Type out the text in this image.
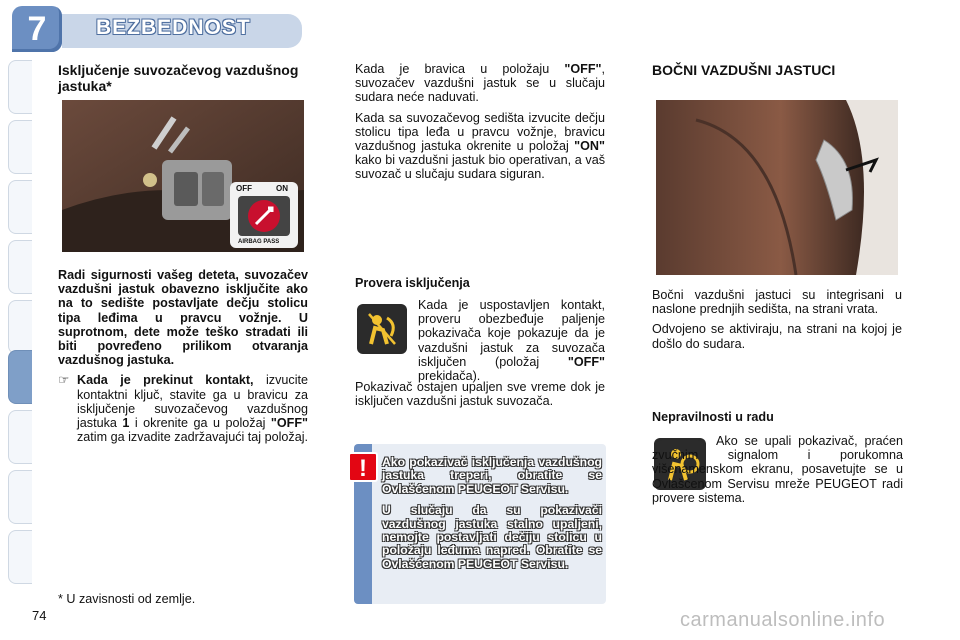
7	BEZBEDNOST
Isključenje suvozačevog vazdušnog jastuka*
OFF	ON
AIRBAG PASS

Radi sigurnosti vašeg deteta, suvozačev vazdušni jastuk obavezno isključite ako na to sedište postavljate dečju stolicu tipa leđima u pravcu vožnje. U suprotnom, dete može teško stradati ili biti povređeno prilikom otvaranja vazdušnog jastuka.

☞ Kada je prekinut kontakt, izvucite kontaktni ključ, stavite ga u bravicu za isključenje suvozačevog vazdušnog jastuka 1 i okrenite ga u položaj "OFF" zatim ga izvadite zadržavajući taj položaj.

Kada je bravica u položaju "OFF", suvozačev vazdušni jastuk se u slučaju sudara neće naduvati.

Kada sa suvozačevog sedišta izvucite dečju stolicu tipa leđa u pravcu vožnje, bravicu vazdušnog jastuka okrenite u položaj "ON" kako bi vazdušni jastuk bio operativan, a vaš suvozač u slučaju sudara siguran.

Provera isključenja

Kada je uspostavljen kontakt, proveru obezbeđuje paljenje pokazivača koje pokazuje da je vazdušni jastuk za suvozača isključen (položaj "OFF" prekidača).

Pokazivač ostajen upaljen sve vreme dok je isključen vazdušni jastuk suvozača.

Ako pokazivač isključenja vazdušnog jastuka treperi, obratite se Ovlašćenom PEUGEOT Servisu.

U slučaju da su pokazivači vazdušnog jastuka stalno upaljeni, nemojte postavljati dečiju stolicu u položaju leđuma napred. Obratite se Ovlašćenom PEUGEOT Servisu.

!
BOČNI VAZDUŠNI JASTUCI

Bočni vazdušni jastuci su integrisani u naslone prednjih sedišta, na strani vrata.

Odvojeno se aktiviraju, na strani na kojoj je došlo do sudara.

Nepravilnosti u radu

Ako se upali pokazivač, praćen zvučnim signalom i porukomna višenamenskom ekranu, posavetujte se u Ovlašćenom Servisu mreže PEUGEOT radi provere sistema.

* U zavisnosti od zemlje.
74	carmanualsonline.info
